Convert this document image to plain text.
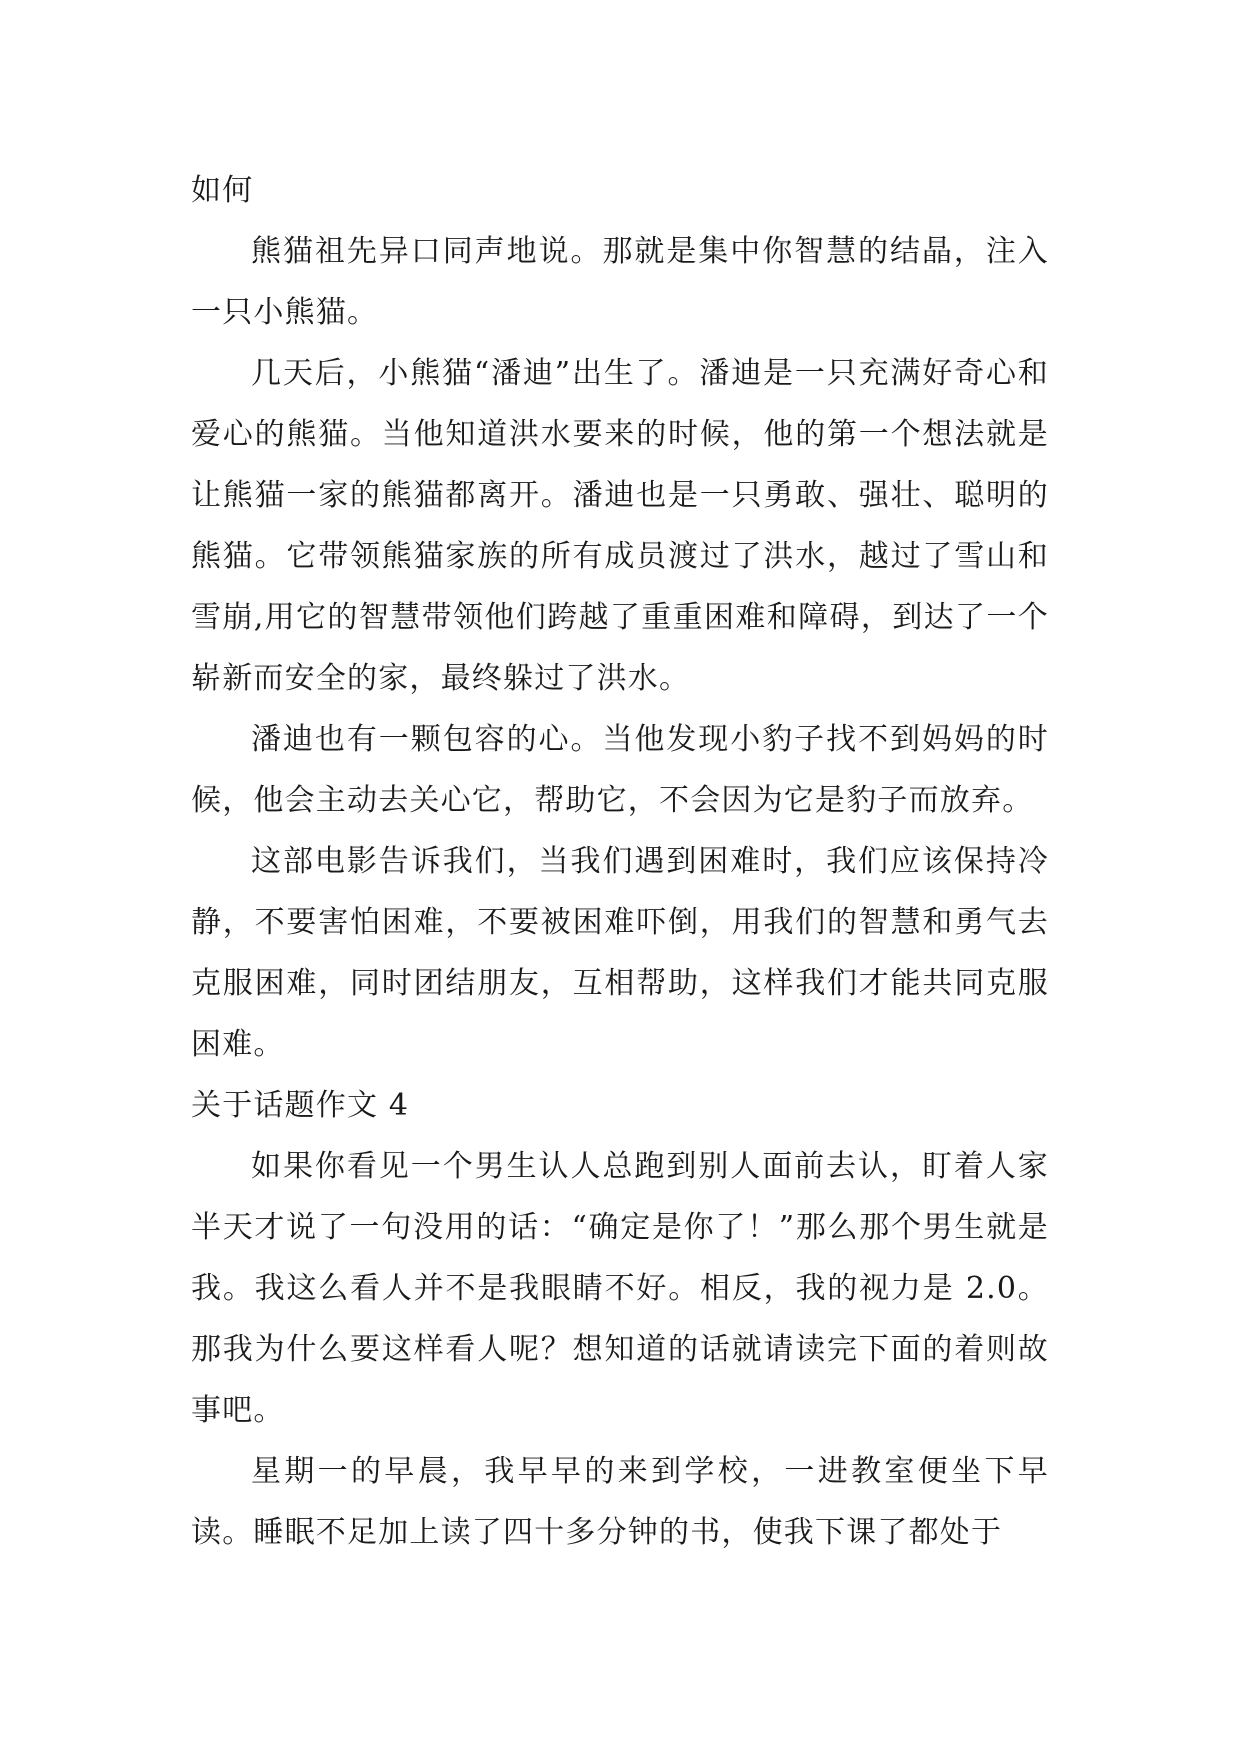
如何

熊猫祖先异口同声地说。那就是集中你智慧的结晶，注入一只小熊猫。

几天后，小熊猫“潘迪”出生了。潘迪是一只充满好奇心和爱心的熊猫。当他知道洪水要来的时候，他的第一个想法就是让熊猫一家的熊猫都离开。潘迪也是一只勇敢、强壮、聪明的熊猫。它带领熊猫家族的所有成员渡过了洪水，越过了雪山和雪崩,用它的智慧带领他们跨越了重重困难和障碍，到达了一个崭新而安全的家，最终躲过了洪水。

潘迪也有一颗包容的心。当他发现小豹子找不到妈妈的时候，他会主动去关心它，帮助它，不会因为它是豹子而放弃。

这部电影告诉我们，当我们遇到困难时，我们应该保持冷静，不要害怕困难，不要被困难吓倒，用我们的智慧和勇气去克服困难，同时团结朋友，互相帮助，这样我们才能共同克服困难。

关于话题作文 4

如果你看见一个男生认人总跑到别人面前去认，盯着人家半天才说了一句没用的话：“确定是你了！”那么那个男生就是我。我这么看人并不是我眼睛不好。相反，我的视力是 2.0。那我为什么要这样看人呢？想知道的话就请读完下面的着则故事吧。

星期一的早晨，我早早的来到学校，一进教室便坐下早读。睡眠不足加上读了四十多分钟的书，使我下课了都处于
